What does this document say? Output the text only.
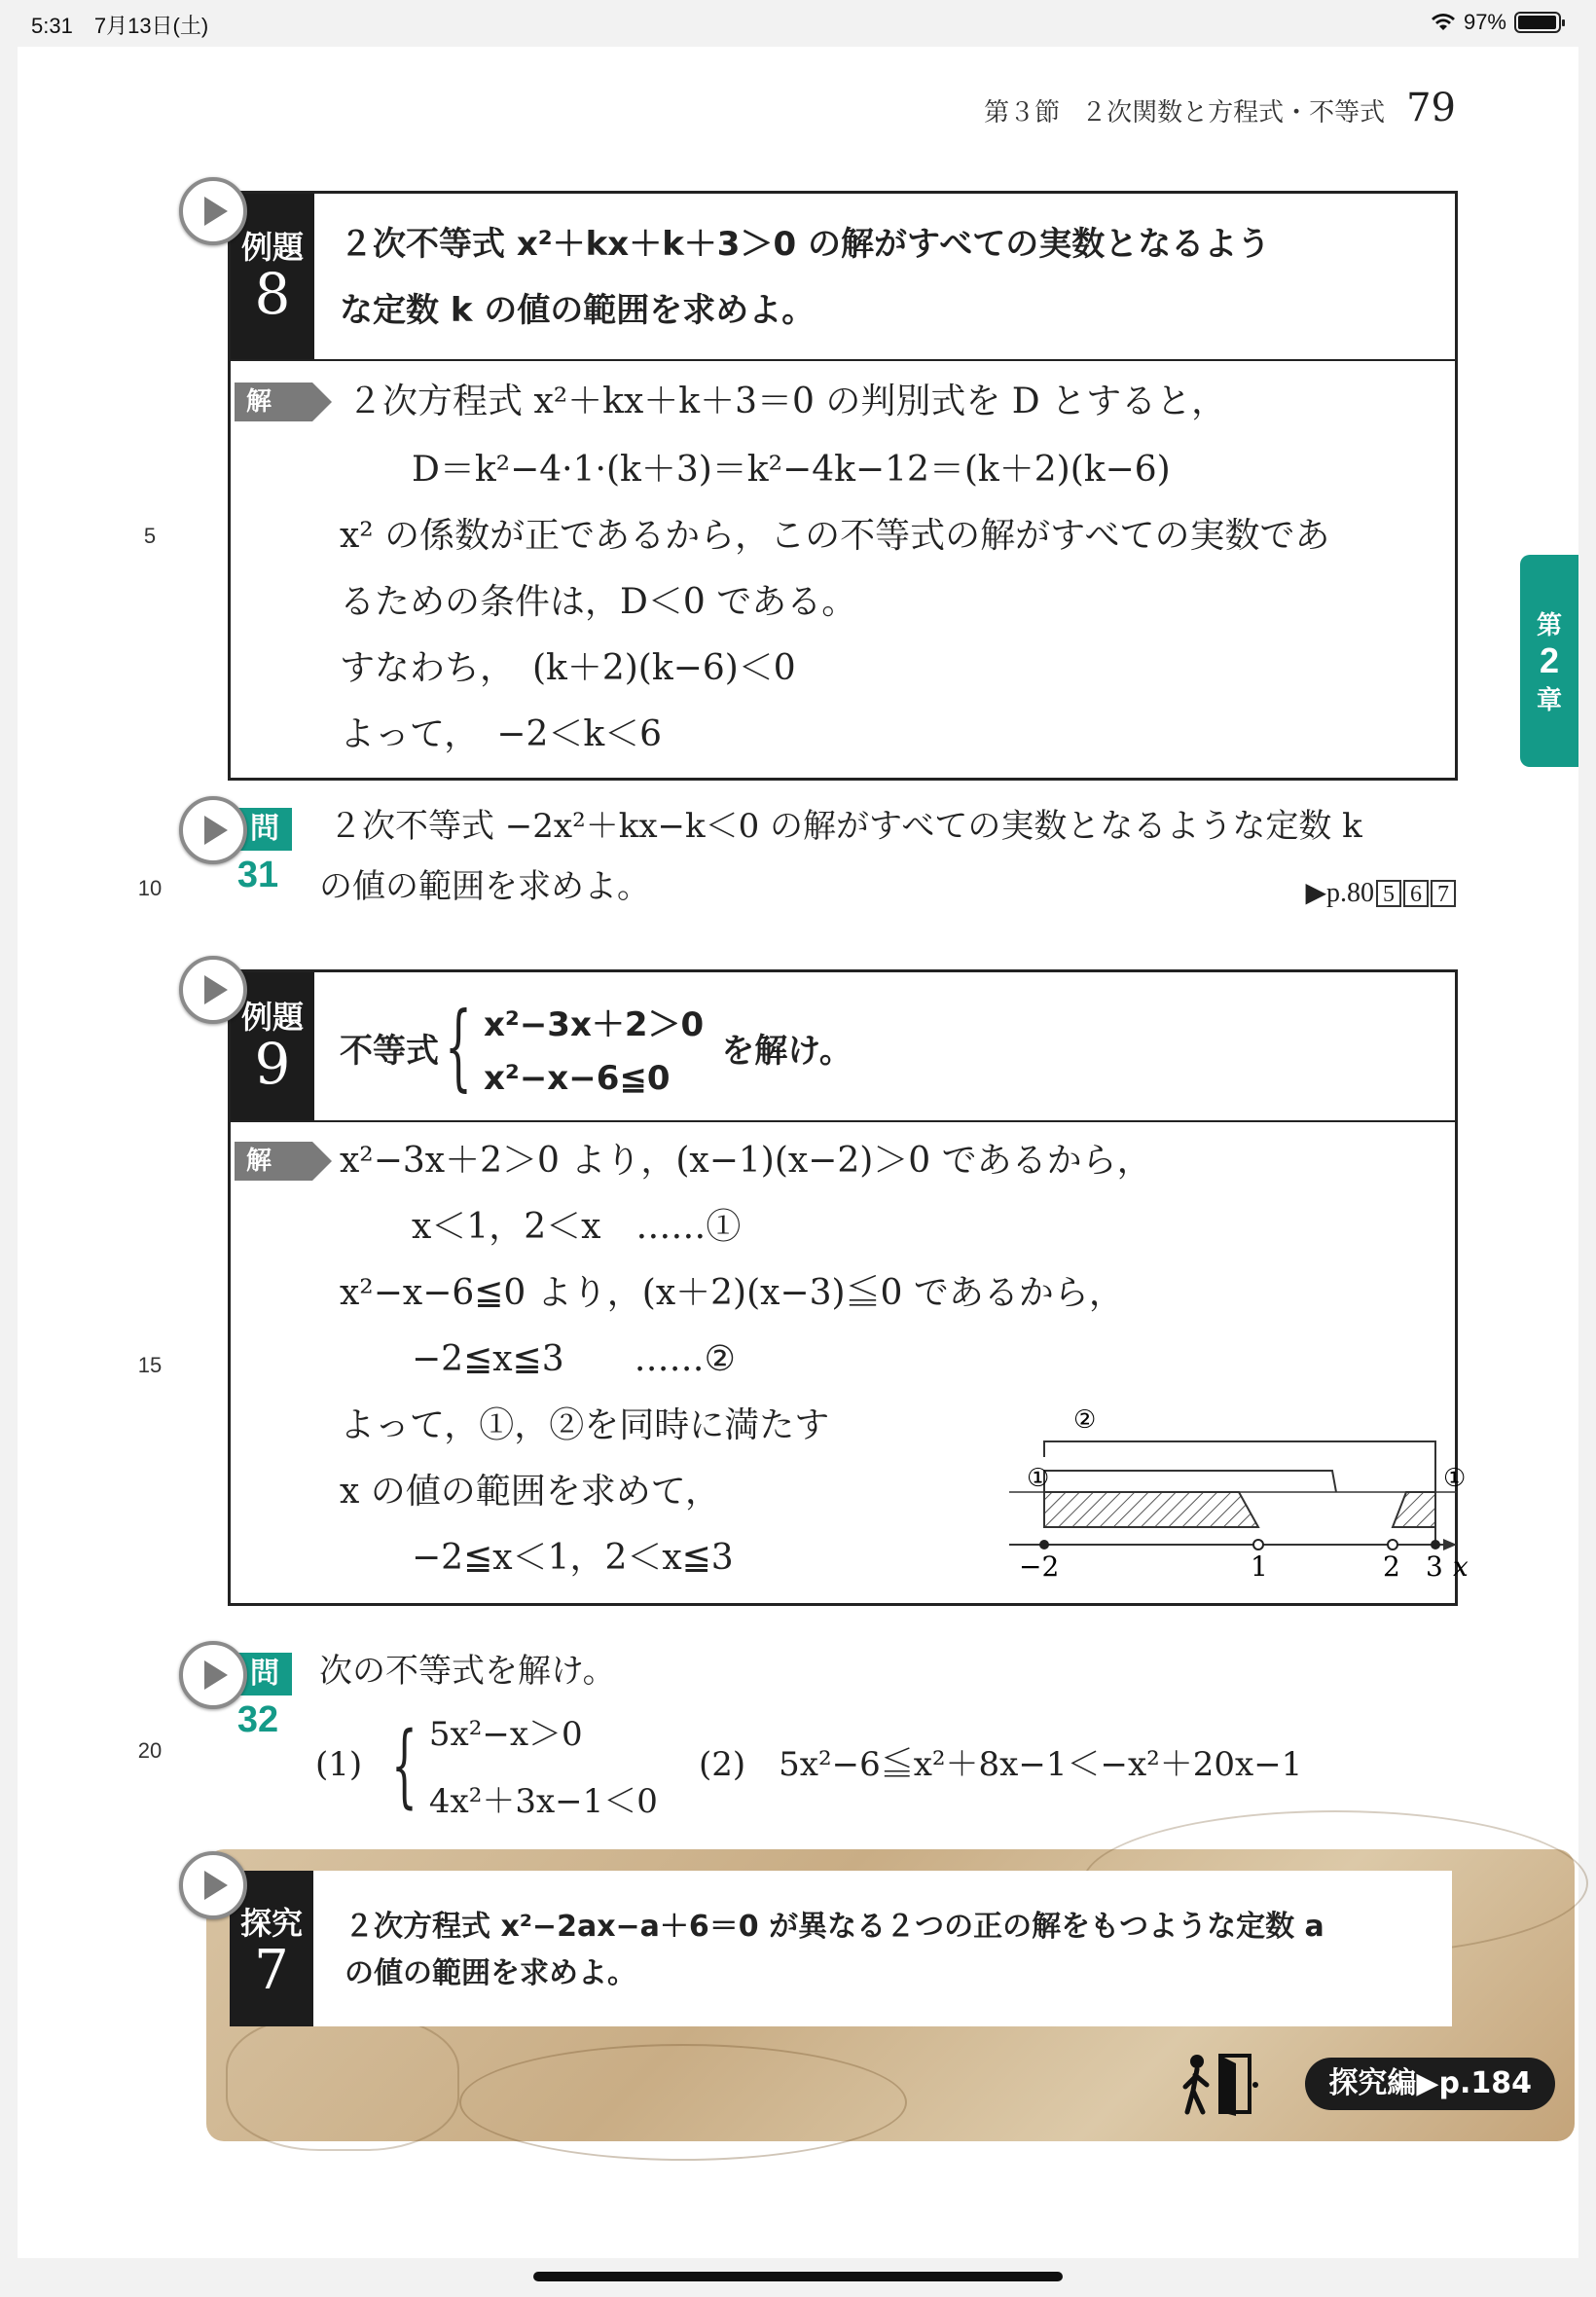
5:31　 7月13日(土)	97%
第３節 ２次関数と方程式・不等式 79
5
10
15
20
第
2
章
例題
8
２次不等式 x²＋kx＋k＋3＞0 の解がすべての実数となるよう
な定数 k の値の範囲を求めよ。
解	２次方程式 x²＋kx＋k＋3＝0 の判別式を D とすると，
D＝k²−4·1·(k＋3)＝k²−4k−12＝(k＋2)(k−6)
x² の係数が正であるから，この不等式の解がすべての実数であ
るための条件は，D＜0 である。
すなわち，　(k＋2)(k−6)＜0
よって，　−2＜k＜6
問
31
２次不等式 −2x²＋kx−k＜0 の解がすべての実数となるような定数 k
の値の範囲を求めよ。	▶p.80 5 6 7
例題
9 不等式 { x²−3x＋2＞0
x²−x−6≦0
を解け。
解	x²−3x＋2＞0 より，(x−1)(x−2)＞0 であるから，
x＜1，2＜x　……①
x²−x−6≦0 より，(x＋2)(x−3)≦0 であるから，
−2≦x≦3　　……②
よって，①，②を同時に満たす
x の値の範囲を求めて，
−2≦x＜1，2＜x≦3
①
②
①
−2	1	2 3 x
問
32
次の不等式を解け。
(1) { 5x²−x＞0
4x²＋3x−1＜0
(2)　 5x²−6≦x²＋8x−1＜−x²＋20x−1
探究
7
２次方程式 x²−2ax−a＋6＝0 が異なる２つの正の解をもつような定数 a
の値の範囲を求めよ。
探究編▶p.184
